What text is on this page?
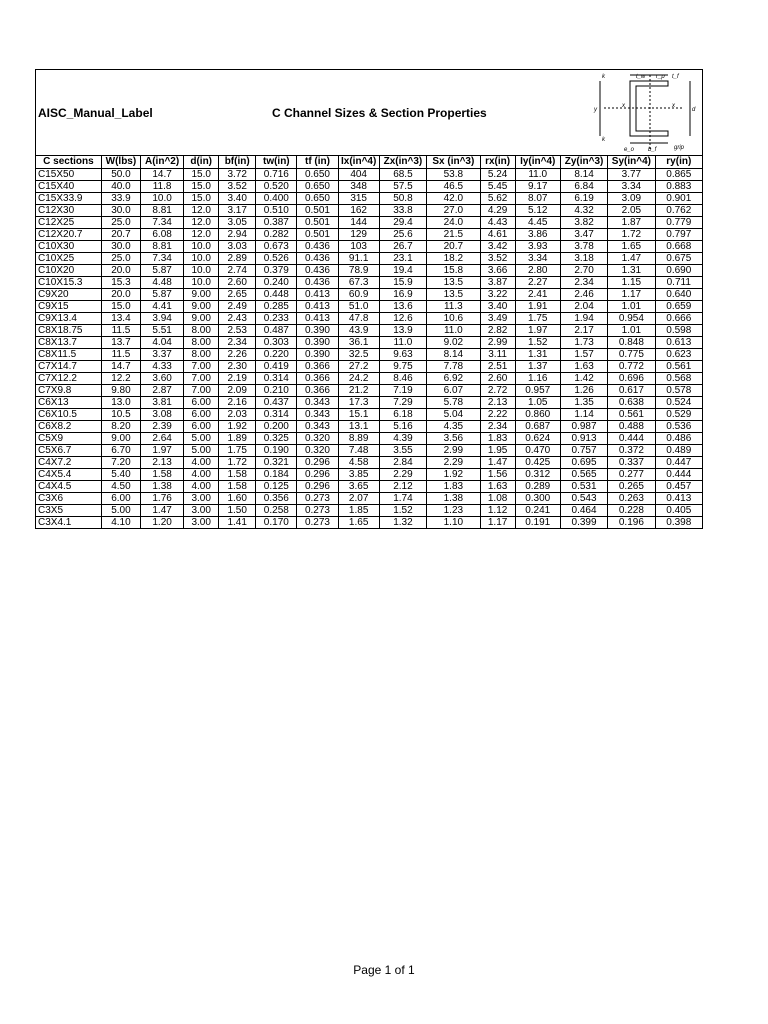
AISC_Manual_Label	C Channel Sizes & Section Properties
k	t_w r_p t_f
x
d
y
e_o
k
x
b_f	grip
C sections	W(lbs)	A(in^2)	d(in)	bf(in)	tw(in)	tf (in)	Ix(in^4)	Zx(in^3)	Sx (in^3)	rx(in)	Iy(in^4)	Zy(in^3)	Sy(in^4)	ry(in)
C15X50	50.0	14.7	15.0	3.72	0.716	0.650	404	68.5	53.8	5.24	11.0	8.14	3.77	0.865
C15X40	40.0	11.8	15.0	3.52	0.520	0.650	348	57.5	46.5	5.45	9.17	6.84	3.34	0.883
C15X33.9	33.9	10.0	15.0	3.40	0.400	0.650	315	50.8	42.0	5.62	8.07	6.19	3.09	0.901
C12X30	30.0	8.81	12.0	3.17	0.510	0.501	162	33.8	27.0	4.29	5.12	4.32	2.05	0.762
C12X25	25.0	7.34	12.0	3.05	0.387	0.501	144	29.4	24.0	4.43	4.45	3.82	1.87	0.779
C12X20.7	20.7	6.08	12.0	2.94	0.282	0.501	129	25.6	21.5	4.61	3.86	3.47	1.72	0.797
C10X30	30.0	8.81	10.0	3.03	0.673	0.436	103	26.7	20.7	3.42	3.93	3.78	1.65	0.668
C10X25	25.0	7.34	10.0	2.89	0.526	0.436	91.1	23.1	18.2	3.52	3.34	3.18	1.47	0.675
C10X20	20.0	5.87	10.0	2.74	0.379	0.436	78.9	19.4	15.8	3.66	2.80	2.70	1.31	0.690
C10X15.3	15.3	4.48	10.0	2.60	0.240	0.436	67.3	15.9	13.5	3.87	2.27	2.34	1.15	0.711
C9X20	20.0	5.87	9.00	2.65	0.448	0.413	60.9	16.9	13.5	3.22	2.41	2.46	1.17	0.640
C9X15	15.0	4.41	9.00	2.49	0.285	0.413	51.0	13.6	11.3	3.40	1.91	2.04	1.01	0.659
C9X13.4	13.4	3.94	9.00	2.43	0.233	0.413	47.8	12.6	10.6	3.49	1.75	1.94	0.954	0.666
C8X18.75	11.5	5.51	8.00	2.53	0.487	0.390	43.9	13.9	11.0	2.82	1.97	2.17	1.01	0.598
C8X13.7	13.7	4.04	8.00	2.34	0.303	0.390	36.1	11.0	9.02	2.99	1.52	1.73	0.848	0.613
C8X11.5	11.5	3.37	8.00	2.26	0.220	0.390	32.5	9.63	8.14	3.11	1.31	1.57	0.775	0.623
C7X14.7	14.7	4.33	7.00	2.30	0.419	0.366	27.2	9.75	7.78	2.51	1.37	1.63	0.772	0.561
C7X12.2	12.2	3.60	7.00	2.19	0.314	0.366	24.2	8.46	6.92	2.60	1.16	1.42	0.696	0.568
C7X9.8	9.80	2.87	7.00	2.09	0.210	0.366	21.2	7.19	6.07	2.72	0.957	1.26	0.617	0.578
C6X13	13.0	3.81	6.00	2.16	0.437	0.343	17.3	7.29	5.78	2.13	1.05	1.35	0.638	0.524
C6X10.5	10.5	3.08	6.00	2.03	0.314	0.343	15.1	6.18	5.04	2.22	0.860	1.14	0.561	0.529
C6X8.2	8.20	2.39	6.00	1.92	0.200	0.343	13.1	5.16	4.35	2.34	0.687	0.987	0.488	0.536
C5X9	9.00	2.64	5.00	1.89	0.325	0.320	8.89	4.39	3.56	1.83	0.624	0.913	0.444	0.486
C5X6.7	6.70	1.97	5.00	1.75	0.190	0.320	7.48	3.55	2.99	1.95	0.470	0.757	0.372	0.489
C4X7.2	7.20	2.13	4.00	1.72	0.321	0.296	4.58	2.84	2.29	1.47	0.425	0.695	0.337	0.447
C4X5.4	5.40	1.58	4.00	1.58	0.184	0.296	3.85	2.29	1.92	1.56	0.312	0.565	0.277	0.444
C4X4.5	4.50	1.38	4.00	1.58	0.125	0.296	3.65	2.12	1.83	1.63	0.289	0.531	0.265	0.457
C3X6	6.00	1.76	3.00	1.60	0.356	0.273	2.07	1.74	1.38	1.08	0.300	0.543	0.263	0.413
C3X5	5.00	1.47	3.00	1.50	0.258	0.273	1.85	1.52	1.23	1.12	0.241	0.464	0.228	0.405
C3X4.1	4.10	1.20	3.00	1.41	0.170	0.273	1.65	1.32	1.10	1.17	0.191	0.399	0.196	0.398
Page 1 of 1
